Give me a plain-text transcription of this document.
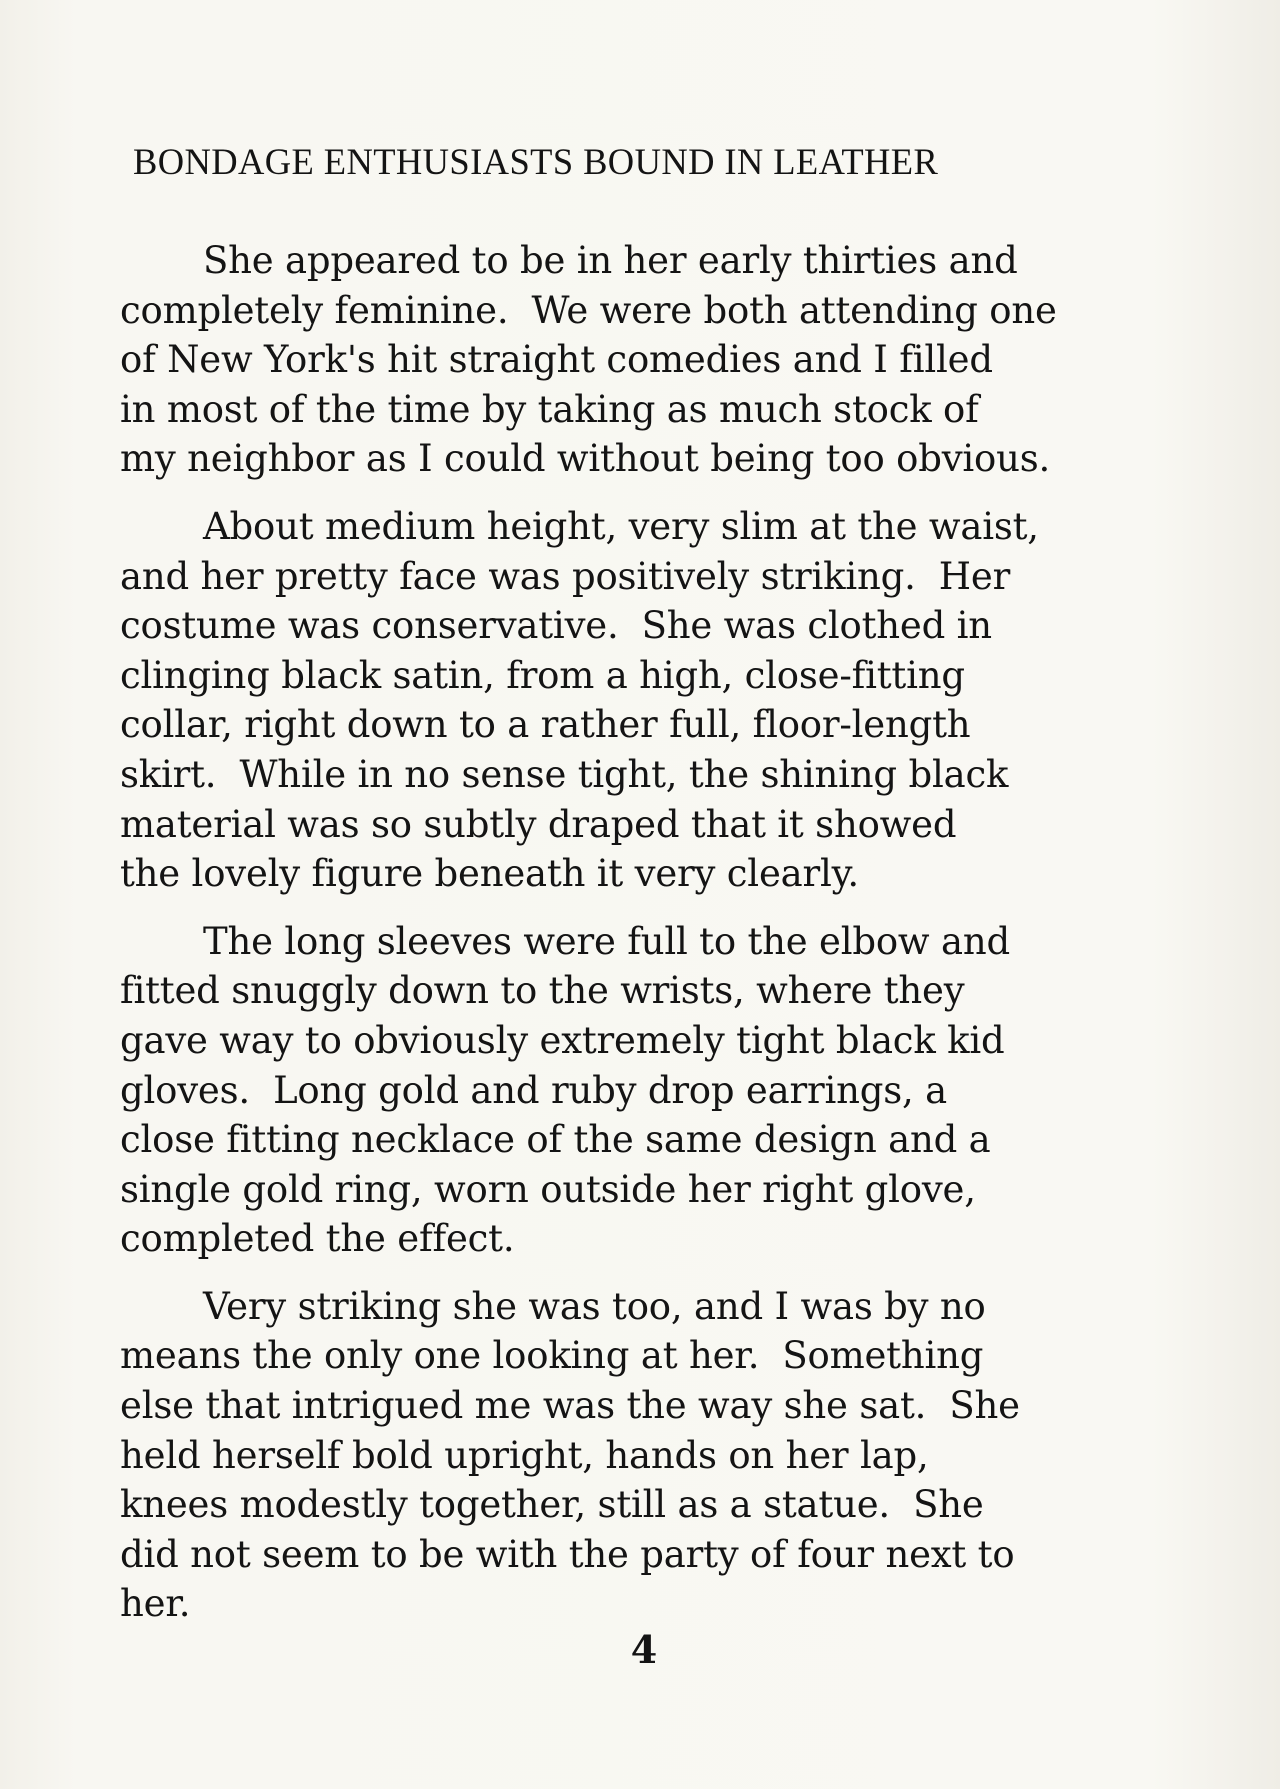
BONDAGE ENTHUSIASTS BOUND IN LEATHER

She appeared to be in her early thirties and
completely feminine.  We were both attending one
of New York's hit straight comedies and I filled
in most of the time by taking as much stock of
my neighbor as I could without being too obvious.

About medium height, very slim at the waist,
and her pretty face was positively striking.  Her
costume was conservative.  She was clothed in
clinging black satin, from a high, close-fitting
collar, right down to a rather full, floor-length
skirt.  While in no sense tight, the shining black
material was so subtly draped that it showed
the lovely figure beneath it very clearly.

The long sleeves were full to the elbow and
fitted snuggly down to the wrists, where they
gave way to obviously extremely tight black kid
gloves.  Long gold and ruby drop earrings, a
close fitting necklace of the same design and a
single gold ring, worn outside her right glove,
completed the effect.

Very striking she was too, and I was by no
means the only one looking at her.  Something
else that intrigued me was the way she sat.  She
held herself bold upright, hands on her lap,
knees modestly together, still as a statue.  She
did not seem to be with the party of four next to
her.

4
